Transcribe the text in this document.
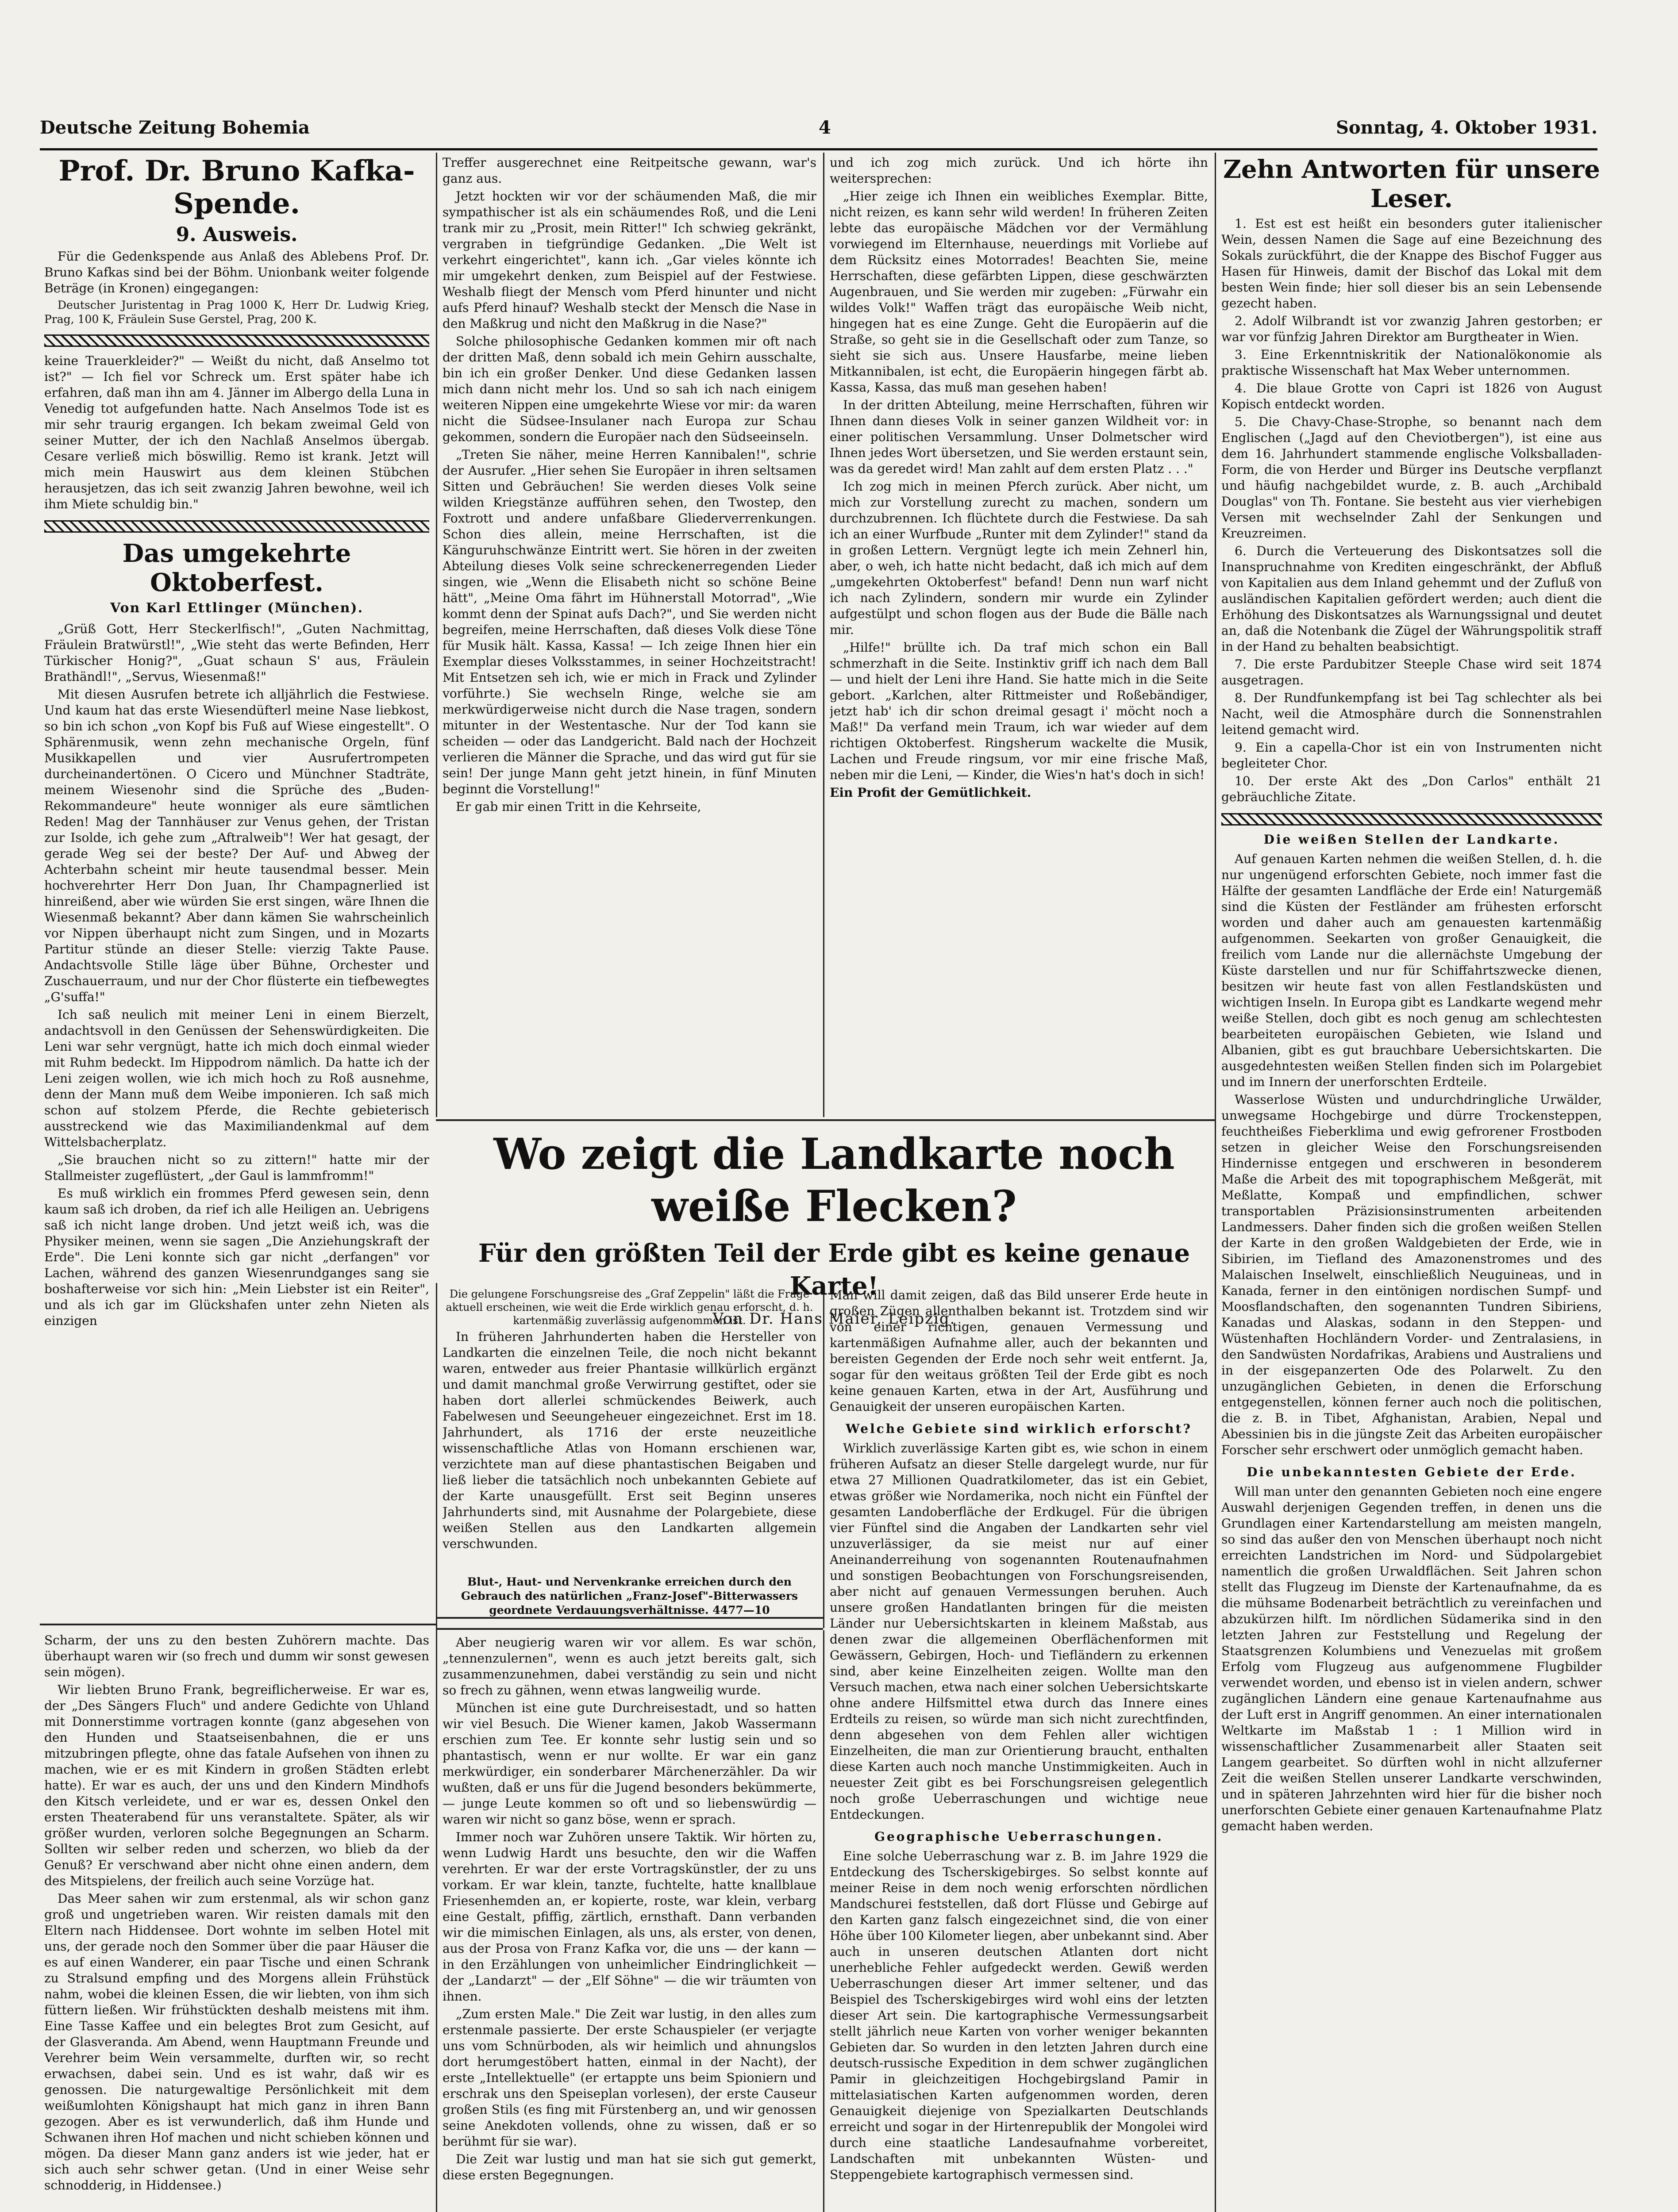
Deutsche Zeitung Bohemia	4	Sonntag, 4. Oktober 1931.
Prof. Dr. Bruno Kafka-Spende.
9. Ausweis.

Für die Gedenkspende aus Anlaß des Ablebens Prof. Dr. Bruno Kafkas sind bei der Böhm. Unionbank weiter folgende Beträge (in Kronen) eingegangen:

Deutscher Juristentag in Prag 1000 K, Herr Dr. Ludwig Krieg, Prag, 100 K, Fräulein Suse Gerstel, Prag, 200 K.

keine Trauerkleider?" — Weißt du nicht, daß Anselmo tot ist?" — Ich fiel vor Schreck um. Erst später habe ich erfahren, daß man ihn am 4. Jänner im Albergo della Luna in Venedig tot aufgefunden hatte. Nach Anselmos Tode ist es mir sehr traurig ergangen. Ich bekam zweimal Geld von seiner Mutter, der ich den Nachlaß Anselmos übergab. Cesare verließ mich böswillig. Remo ist krank. Jetzt will mich mein Hauswirt aus dem kleinen Stübchen herausjetzen, das ich seit zwanzig Jahren bewohne, weil ich ihm Miete schuldig bin."

Das umgekehrte Oktoberfest.
Von Karl Ettlinger (München).

„Grüß Gott, Herr Steckerlfisch!", „Guten Nachmittag, Fräulein Bratwürstl!", „Wie steht das werte Befinden, Herr Türkischer Honig?", „Guat schaun S' aus, Fräulein Brathändl!", „Servus, Wiesenmaß!"

Mit diesen Ausrufen betrete ich alljährlich die Festwiese. Und kaum hat das erste Wiesendüfterl meine Nase liebkost, so bin ich schon „von Kopf bis Fuß auf Wiese eingestellt". O Sphärenmusik, wenn zehn mechanische Orgeln, fünf Musikkapellen und vier Ausrufertrompeten durcheinandertönen. O Cicero und Münchner Stadträte, meinem Wiesenohr sind die Sprüche des „Buden-Rekommandeure" heute wonniger als eure sämtlichen Reden! Mag der Tannhäuser zur Venus gehen, der Tristan zur Isolde, ich gehe zum „Aftralweib"! Wer hat gesagt, der gerade Weg sei der beste? Der Auf- und Abweg der Achterbahn scheint mir heute tausendmal besser. Mein hochverehrter Herr Don Juan, Ihr Champagnerlied ist hinreißend, aber wie würden Sie erst singen, wäre Ihnen die Wiesenmaß bekannt? Aber dann kämen Sie wahrscheinlich vor Nippen überhaupt nicht zum Singen, und in Mozarts Partitur stünde an dieser Stelle: vierzig Takte Pause. Andachtsvolle Stille läge über Bühne, Orchester und Zuschauerraum, und nur der Chor flüsterte ein tiefbewegtes „G'suffa!"

Ich saß neulich mit meiner Leni in einem Bierzelt, andachtsvoll in den Genüssen der Sehenswürdigkeiten. Die Leni war sehr vergnügt, hatte ich mich doch einmal wieder mit Ruhm bedeckt. Im Hippodrom nämlich. Da hatte ich der Leni zeigen wollen, wie ich mich hoch zu Roß ausnehme, denn der Mann muß dem Weibe imponieren. Ich saß mich schon auf stolzem Pferde, die Rechte gebieterisch ausstreckend wie das Maximiliandenkmal auf dem Wittelsbacherplatz.

„Sie brauchen nicht so zu zittern!" hatte mir der Stallmeister zugeflüstert, „der Gaul is lammfromm!"

Es muß wirklich ein frommes Pferd gewesen sein, denn kaum saß ich droben, da rief ich alle Heiligen an. Uebrigens saß ich nicht lange droben. Und jetzt weiß ich, was die Physiker meinen, wenn sie sagen „Die Anziehungskraft der Erde". Die Leni konnte sich gar nicht „derfangen" vor Lachen, während des ganzen Wiesenrundganges sang sie boshafterweise vor sich hin: „Mein Liebster ist ein Reiter", und als ich gar im Glückshafen unter zehn Nieten als einzigen

Treffer ausgerechnet eine Reitpeitsche gewann, war's ganz aus.

Jetzt hockten wir vor der schäumenden Maß, die mir sympathischer ist als ein schäumendes Roß, und die Leni trank mir zu „Prosit, mein Ritter!" Ich schwieg gekränkt, vergraben in tiefgründige Gedanken. „Die Welt ist verkehrt eingerichtet", kann ich. „Gar vieles könnte ich mir umgekehrt denken, zum Beispiel auf der Festwiese. Weshalb fliegt der Mensch vom Pferd hinunter und nicht aufs Pferd hinauf? Weshalb steckt der Mensch die Nase in den Maßkrug und nicht den Maßkrug in die Nase?"

Solche philosophische Gedanken kommen mir oft nach der dritten Maß, denn sobald ich mein Gehirn ausschalte, bin ich ein großer Denker. Und diese Gedanken lassen mich dann nicht mehr los. Und so sah ich nach einigem weiteren Nippen eine umgekehrte Wiese vor mir: da waren nicht die Südsee-Insulaner nach Europa zur Schau gekommen, sondern die Europäer nach den Südseeinseln.

„Treten Sie näher, meine Herren Kannibalen!", schrie der Ausrufer. „Hier sehen Sie Europäer in ihren seltsamen Sitten und Gebräuchen! Sie werden dieses Volk seine wilden Kriegstänze aufführen sehen, den Twostep, den Foxtrott und andere unfaßbare Gliederverrenkungen. Schon dies allein, meine Herrschaften, ist die Känguruhschwänze Eintritt wert. Sie hören in der zweiten Abteilung dieses Volk seine schreckenerregenden Lieder singen, wie „Wenn die Elisabeth nicht so schöne Beine hätt", „Meine Oma fährt im Hühnerstall Motorrad", „Wie kommt denn der Spinat aufs Dach?", und Sie werden nicht begreifen, meine Herrschaften, daß dieses Volk diese Töne für Musik hält. Kassa, Kassa! — Ich zeige Ihnen hier ein Exemplar dieses Volksstammes, in seiner Hochzeitstracht! Mit Entsetzen seh ich, wie er mich in Frack und Zylinder vorführte.) Sie wechseln Ringe, welche sie am merkwürdigerweise nicht durch die Nase tragen, sondern mitunter in der Westentasche. Nur der Tod kann sie scheiden — oder das Landgericht. Bald nach der Hochzeit verlieren die Männer die Sprache, und das wird gut für sie sein! Der junge Mann geht jetzt hinein, in fünf Minuten beginnt die Vorstellung!"

Er gab mir einen Tritt in die Kehrseite,

und ich zog mich zurück. Und ich hörte ihn weitersprechen:

„Hier zeige ich Ihnen ein weibliches Exemplar. Bitte, nicht reizen, es kann sehr wild werden! In früheren Zeiten lebte das europäische Mädchen vor der Vermählung vorwiegend im Elternhause, neuerdings mit Vorliebe auf dem Rücksitz eines Motorrades! Beachten Sie, meine Herrschaften, diese gefärbten Lippen, diese geschwärzten Augenbrauen, und Sie werden mir zugeben: „Fürwahr ein wildes Volk!" Waffen trägt das europäische Weib nicht, hingegen hat es eine Zunge. Geht die Europäerin auf die Straße, so geht sie in die Gesellschaft oder zum Tanze, so sieht sie sich aus. Unsere Hausfarbe, meine lieben Mitkannibalen, ist echt, die Europäerin hingegen färbt ab. Kassa, Kassa, das muß man gesehen haben!

In der dritten Abteilung, meine Herrschaften, führen wir Ihnen dann dieses Volk in seiner ganzen Wildheit vor: in einer politischen Versammlung. Unser Dolmetscher wird Ihnen jedes Wort übersetzen, und Sie werden erstaunt sein, was da geredet wird! Man zahlt auf dem ersten Platz . . ."

Ich zog mich in meinen Pferch zurück. Aber nicht, um mich zur Vorstellung zurecht zu machen, sondern um durchzubrennen. Ich flüchtete durch die Festwiese. Da sah ich an einer Wurfbude „Runter mit dem Zylinder!" stand da in großen Lettern. Vergnügt legte ich mein Zehnerl hin, aber, o weh, ich hatte nicht bedacht, daß ich mich auf dem „umgekehrten Oktoberfest" befand! Denn nun warf nicht ich nach Zylindern, sondern mir wurde ein Zylinder aufgestülpt und schon flogen aus der Bude die Bälle nach mir.

„Hilfe!" brüllte ich. Da traf mich schon ein Ball schmerzhaft in die Seite. Instinktiv griff ich nach dem Ball — und hielt der Leni ihre Hand. Sie hatte mich in die Seite gebort. „Karlchen, alter Rittmeister und Roßebändiger, jetzt hab' ich dir schon dreimal gesagt i' möcht noch a Maß!" Da verfand mein Traum, ich war wieder auf dem richtigen Oktoberfest. Ringsherum wackelte die Musik, Lachen und Freude ringsum, vor mir eine frische Maß, neben mir die Leni, — Kinder, die Wies'n hat's doch in sich!

Ein Profit der Gemütlichkeit.

Zehn Antworten für unsere Leser.

1. Est est est heißt ein besonders guter italienischer Wein, dessen Namen die Sage auf eine Bezeichnung des Sokals zurückführt, die der Knappe des Bischof Fugger aus Hasen für Hinweis, damit der Bischof das Lokal mit dem besten Wein finde; hier soll dieser bis an sein Lebensende gezecht haben.

2. Adolf Wilbrandt ist vor zwanzig Jahren gestorben; er war vor fünfzig Jahren Direktor am Burgtheater in Wien.

3. Eine Erkenntniskritik der Nationalökonomie als praktische Wissenschaft hat Max Weber unternommen.

4. Die blaue Grotte von Capri ist 1826 von August Kopisch entdeckt worden.

5. Die Chavy-Chase-Strophe, so benannt nach dem Englischen („Jagd auf den Cheviotbergen"), ist eine aus dem 16. Jahrhundert stammende englische Volksballaden-Form, die von Herder und Bürger ins Deutsche verpflanzt und häufig nachgebildet wurde, z. B. auch „Archibald Douglas" von Th. Fontane. Sie besteht aus vier vierhebigen Versen mit wechselnder Zahl der Senkungen und Kreuzreimen.

6. Durch die Verteuerung des Diskontsatzes soll die Inanspruchnahme von Krediten eingeschränkt, der Abfluß von Kapitalien aus dem Inland gehemmt und der Zufluß von ausländischen Kapitalien gefördert werden; auch dient die Erhöhung des Diskontsatzes als Warnungssignal und deutet an, daß die Notenbank die Zügel der Währungspolitik straff in der Hand zu behalten beabsichtigt.

7. Die erste Pardubitzer Steeple Chase wird seit 1874 ausgetragen.

8. Der Rundfunkempfang ist bei Tag schlechter als bei Nacht, weil die Atmosphäre durch die Sonnenstrahlen leitend gemacht wird.

9. Ein a capella-Chor ist ein von Instrumenten nicht begleiteter Chor.

10. Der erste Akt des „Don Carlos" enthält 21 gebräuchliche Zitate.

Die weißen Stellen der Landkarte.

Auf genauen Karten nehmen die weißen Stellen, d. h. die nur ungenügend erforschten Gebiete, noch immer fast die Hälfte der gesamten Landfläche der Erde ein! Naturgemäß sind die Küsten der Festländer am frühesten erforscht worden und daher auch am genauesten kartenmäßig aufgenommen. Seekarten von großer Genauigkeit, die freilich vom Lande nur die allernächste Umgebung der Küste darstellen und nur für Schiffahrtszwecke dienen, besitzen wir heute fast von allen Festlandsküsten und wichtigen Inseln. In Europa gibt es Landkarte wegend mehr weiße Stellen, doch gibt es noch genug am schlechtesten bearbeiteten europäischen Gebieten, wie Island und Albanien, gibt es gut brauchbare Uebersichtskarten. Die ausgedehntesten weißen Stellen finden sich im Polargebiet und im Innern der unerforschten Erdteile.

Wasserlose Wüsten und undurchdringliche Urwälder, unwegsame Hochgebirge und dürre Trockensteppen, feuchtheißes Fieberklima und ewig gefrorener Frostboden setzen in gleicher Weise den Forschungsreisenden Hindernisse entgegen und erschweren in besonderem Maße die Arbeit des mit topographischem Meßgerät, mit Meßlatte, Kompaß und empfindlichen, schwer transportablen Präzisionsinstrumenten arbeitenden Landmessers. Daher finden sich die großen weißen Stellen der Karte in den großen Waldgebieten der Erde, wie in Sibirien, im Tiefland des Amazonenstromes und des Malaischen Inselwelt, einschließlich Neuguineas, und in Kanada, ferner in den eintönigen nordischen Sumpf- und Moosflandschaften, den sogenannten Tundren Sibiriens, Kanadas und Alaskas, sodann in den Steppen- und Wüstenhaften Hochländern Vorder- und Zentralasiens, in den Sandwüsten Nordafrikas, Arabiens und Australiens und in der eisgepanzerten Ode des Polarwelt. Zu den unzugänglichen Gebieten, in denen die Erforschung entgegenstellen, können ferner auch noch die politischen, die z. B. in Tibet, Afghanistan, Arabien, Nepal und Abessinien bis in die jüngste Zeit das Arbeiten europäischer Forscher sehr erschwert oder unmöglich gemacht haben.

Die unbekanntesten Gebiete der Erde.

Will man unter den genannten Gebieten noch eine engere Auswahl derjenigen Gegenden treffen, in denen uns die Grundlagen einer Kartendarstellung am meisten mangeln, so sind das außer den von Menschen überhaupt noch nicht erreichten Landstrichen im Nord- und Südpolargebiet namentlich die großen Urwaldflächen. Seit Jahren schon stellt das Flugzeug im Dienste der Kartenaufnahme, da es die mühsame Bodenarbeit beträchtlich zu vereinfachen und abzukürzen hilft. Im nördlichen Südamerika sind in den letzten Jahren zur Feststellung und Regelung der Staatsgrenzen Kolumbiens und Venezuelas mit großem Erfolg vom Flugzeug aus aufgenommene Flugbilder verwendet worden, und ebenso ist in vielen andern, schwer zugänglichen Ländern eine genaue Kartenaufnahme aus der Luft erst in Angriff genommen. An einer internationalen Weltkarte im Maßstab 1 : 1 Million wird in wissenschaftlicher Zusammenarbeit aller Staaten seit Langem gearbeitet. So dürften wohl in nicht allzuferner Zeit die weißen Stellen unserer Landkarte verschwinden, und in späteren Jahrzehnten wird hier für die bisher noch unerforschten Gebiete einer genauen Kartenaufnahme Platz gemacht haben werden.

Wo zeigt die Landkarte noch weiße Flecken?
Für den größten Teil der Erde gibt es keine genaue Karte!
Von Dr. Hans Maier, Leipzig.

Die gelungene Forschungsreise des „Graf Zeppelin" läßt die Frage aktuell erscheinen, wie weit die Erde wirklich genau erforscht, d. h. kartenmäßig zuverlässig aufgenommen ist.

In früheren Jahrhunderten haben die Hersteller von Landkarten die einzelnen Teile, die noch nicht bekannt waren, entweder aus freier Phantasie willkürlich ergänzt und damit manchmal große Verwirrung gestiftet, oder sie haben dort allerlei schmückendes Beiwerk, auch Fabelwesen und Seeungeheuer eingezeichnet. Erst im 18. Jahrhundert, als 1716 der erste neuzeitliche wissenschaftliche Atlas von Homann erschienen war, verzichtete man auf diese phantastischen Beigaben und ließ lieber die tatsächlich noch unbekannten Gebiete auf der Karte unausgefüllt. Erst seit Beginn unseres Jahrhunderts sind, mit Ausnahme der Polargebiete, diese weißen Stellen aus den Landkarten allgemein verschwunden.

Blut-, Haut- und Nervenkranke erreichen durch den Gebrauch des natürlichen „Franz-Josef"-Bitterwassers geordnete Verdauungsverhältnisse. 4477—10

Man will damit zeigen, daß das Bild unserer Erde heute in großen Zügen allenthalben bekannt ist. Trotzdem sind wir von einer richtigen, genauen Vermessung und kartenmäßigen Aufnahme aller, auch der bekannten und bereisten Gegenden der Erde noch sehr weit entfernt. Ja, sogar für den weitaus größten Teil der Erde gibt es noch keine genauen Karten, etwa in der Art, Ausführung und Genauigkeit der unseren europäischen Karten.

Welche Gebiete sind wirklich erforscht?

Wirklich zuverlässige Karten gibt es, wie schon in einem früheren Aufsatz an dieser Stelle dargelegt wurde, nur für etwa 27 Millionen Quadratkilometer, das ist ein Gebiet, etwas größer wie Nordamerika, noch nicht ein Fünftel der gesamten Landoberfläche der Erdkugel. Für die übrigen vier Fünftel sind die Angaben der Landkarten sehr viel unzuverlässiger, da sie meist nur auf einer Aneinanderreihung von sogenannten Routenaufnahmen und sonstigen Beobachtungen von Forschungsreisenden, aber nicht auf genauen Vermessungen beruhen. Auch unsere großen Handatlanten bringen für die meisten Länder nur Uebersichtskarten in kleinem Maßstab, aus denen zwar die allgemeinen Oberflächenformen mit Gewässern, Gebirgen, Hoch- und Tiefländern zu erkennen sind, aber keine Einzelheiten zeigen. Wollte man den Versuch machen, etwa nach einer solchen Uebersichtskarte ohne andere Hilfsmittel etwa durch das Innere eines Erdteils zu reisen, so würde man sich nicht zurechtfinden, denn abgesehen von dem Fehlen aller wichtigen Einzelheiten, die man zur Orientierung braucht, enthalten diese Karten auch noch manche Unstimmigkeiten. Auch in neuester Zeit gibt es bei Forschungsreisen gelegentlich noch große Ueberraschungen und wichtige neue Entdeckungen.

Geographische Ueberraschungen.

Eine solche Ueberraschung war z. B. im Jahre 1929 die Entdeckung des Tscherskigebirges. So selbst konnte auf meiner Reise in dem noch wenig erforschten nördlichen Mandschurei feststellen, daß dort Flüsse und Gebirge auf den Karten ganz falsch eingezeichnet sind, die von einer Höhe über 100 Kilometer liegen, aber unbekannt sind. Aber auch in unseren deutschen Atlanten dort nicht unerhebliche Fehler aufgedeckt werden. Gewiß werden Ueberraschungen dieser Art immer seltener, und das Beispiel des Tscherskigebirges wird wohl eins der letzten dieser Art sein. Die kartographische Vermessungsarbeit stellt jährlich neue Karten von vorher weniger bekannten Gebieten dar. So wurden in den letzten Jahren durch eine deutsch-russische Expedition in dem schwer zugänglichen Pamir in gleichzeitigen Hochgebirgsland Pamir in mittelasiatischen Karten aufgenommen worden, deren Genauigkeit diejenige von Spezialkarten Deutschlands erreicht und sogar in der Hirtenrepublik der Mongolei wird durch eine staatliche Landesaufnahme vorbereitet, Landschaften mit unbekannten Wüsten- und Steppengebiete kartographisch vermessen sind.

Scharm, der uns zu den besten Zuhörern machte. Das überhaupt waren wir (so frech und dumm wir sonst gewesen sein mögen).

Wir liebten Bruno Frank, begreiflicherweise. Er war es, der „Des Sängers Fluch" und andere Gedichte von Uhland mit Donnerstimme vortragen konnte (ganz abgesehen von den Hunden und Staatseisenbahnen, die er uns mitzubringen pflegte, ohne das fatale Aufsehen von ihnen zu machen, wie er es mit Kindern in großen Städten erlebt hatte). Er war es auch, der uns und den Kindern Mindhofs den Kitsch verleidete, und er war es, dessen Onkel den ersten Theaterabend für uns veranstaltete. Später, als wir größer wurden, verloren solche Begegnungen an Scharm. Sollten wir selber reden und scherzen, wo blieb da der Genuß? Er verschwand aber nicht ohne einen andern, dem des Mitspielens, der freilich auch seine Vorzüge hat.

Das Meer sahen wir zum erstenmal, als wir schon ganz groß und ungetrieben waren. Wir reisten damals mit den Eltern nach Hiddensee. Dort wohnte im selben Hotel mit uns, der gerade noch den Sommer über die paar Häuser die es auf einen Wanderer, ein paar Tische und einen Schrank zu Stralsund empfing und des Morgens allein Frühstück nahm, wobei die kleinen Essen, die wir liebten, von ihm sich füttern ließen. Wir frühstückten deshalb meistens mit ihm. Eine Tasse Kaffee und ein belegtes Brot zum Gesicht, auf der Glasveranda. Am Abend, wenn Hauptmann Freunde und Verehrer beim Wein versammelte, durften wir, so recht erwachsen, dabei sein. Und es ist wahr, daß wir es genossen. Die naturgewaltige Persönlichkeit mit dem weißumlohten Königshaupt hat mich ganz in ihren Bann gezogen. Aber es ist verwunderlich, daß ihm Hunde und Schwanen ihren Hof machen und nicht schieben können und mögen. Da dieser Mann ganz anders ist wie jeder, hat er sich auch sehr schwer getan. (Und in einer Weise sehr schnodderig, in Hiddensee.)

Aber neugierig waren wir vor allem. Es war schön, „tennenzulernen", wenn es auch jetzt bereits galt, sich zusammenzunehmen, dabei verständig zu sein und nicht so frech zu gähnen, wenn etwas langweilig wurde.

München ist eine gute Durchreisestadt, und so hatten wir viel Besuch. Die Wiener kamen, Jakob Wassermann erschien zum Tee. Er konnte sehr lustig sein und so phantastisch, wenn er nur wollte. Er war ein ganz merkwürdiger, ein sonderbarer Märchenerzähler. Da wir wußten, daß er uns für die Jugend besonders bekümmerte, — junge Leute kommen so oft und so liebenswürdig — waren wir nicht so ganz böse, wenn er sprach.

Immer noch war Zuhören unsere Taktik. Wir hörten zu, wenn Ludwig Hardt uns besuchte, den wir die Waffen verehrten. Er war der erste Vortragskünstler, der zu uns vorkam. Er war klein, tanzte, fuchtelte, hatte knallblaue Friesenhemden an, er kopierte, roste, war klein, verbarg eine Gestalt, pfiffig, zärtlich, ernsthaft. Dann verbanden wir die mimischen Einlagen, als uns, als erster, von denen, aus der Prosa von Franz Kafka vor, die uns — der kann — in den Erzählungen von unheimlicher Eindringlichkeit — der „Landarzt" — der „Elf Söhne" — die wir träumten von ihnen.

„Zum ersten Male." Die Zeit war lustig, in den alles zum erstenmale passierte. Der erste Schauspieler (er verjagte uns vom Schnürboden, als wir heimlich und ahnungslos dort herumgestöbert hatten, einmal in der Nacht), der erste „Intellektuelle" (er ertappte uns beim Spioniern und erschrak uns den Speiseplan vorlesen), der erste Causeur großen Stils (es fing mit Fürstenberg an, und wir genossen seine Anekdoten vollends, ohne zu wissen, daß er so berühmt für sie war).

Die Zeit war lustig und man hat sie sich gut gemerkt, diese ersten Begegnungen.
